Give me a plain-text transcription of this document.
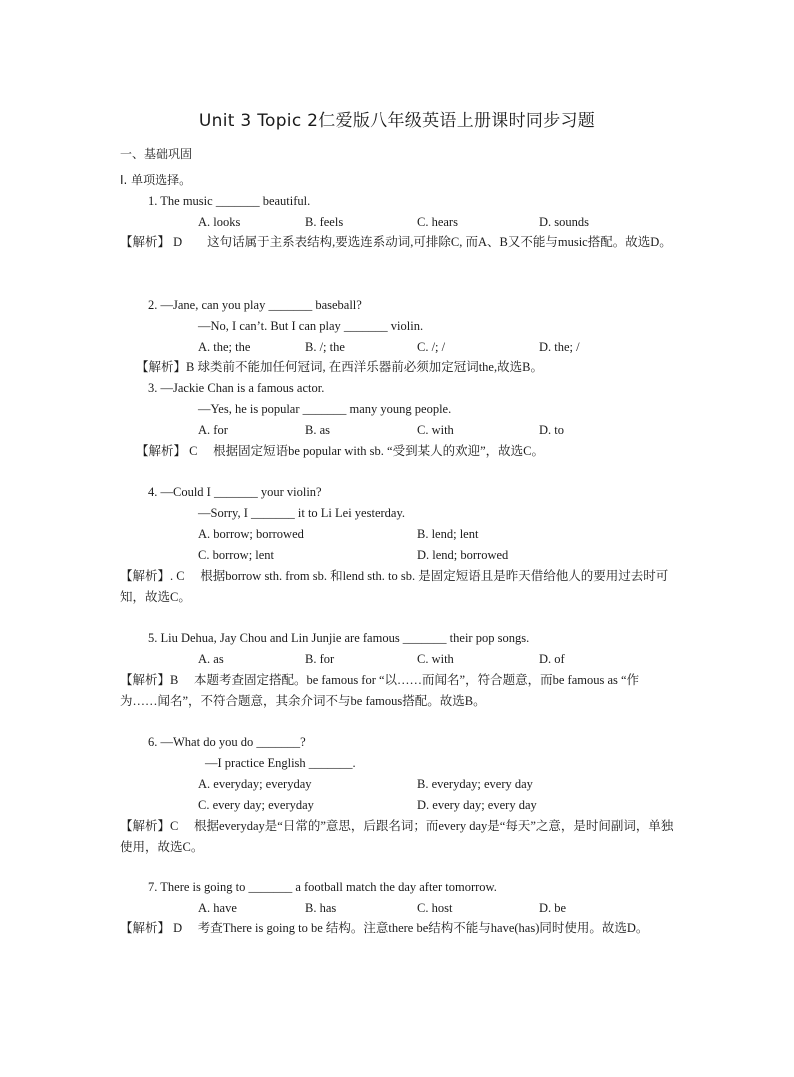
Unit 3 Topic 2仁爱版八年级英语上册课时同步习题
一、基础巩固
Ⅰ. 单项选择。
1. The music _______ beautiful.
A. looks	B. feels	C. hears	D. sounds
【解析】 D　　这句话属于主系表结构,要选连系动词,可排除C, 而A、B又不能与music搭配。故选D。
2. —Jane, can you play _______ baseball?
—No, I can’t. But I can play _______ violin.
A. the; the	B. /; the	C. /; /	D. the; /
【解析】B 球类前不能加任何冠词, 在西洋乐器前必须加定冠词the,故选B。
3. —Jackie Chan is a famous actor.
—Yes, he is popular _______ many young people.
A. for	B. as	C. with	D. to
【解析】 C　 根据固定短语be popular with sb. “受到某人的欢迎”，故选C。
4. —Could I _______ your violin?
—Sorry, I _______ it to Li Lei yesterday.
A. borrow; borrowed	B. lend; lent
C. borrow; lent	D. lend; borrowed
【解析】. C　 根据borrow sth. from sb. 和lend sth. to sb. 是固定短语且是昨天借给他人的要用过去时可知，故选C。
5. Liu Dehua, Jay Chou and Lin Junjie are famous _______ their pop songs.
A. as	B. for	C. with	D. of
【解析】B　 本题考查固定搭配。be famous for “以……而闻名”，符合题意，而be famous as “作为……闻名”，不符合题意，其余介词不与be famous搭配。故选B。
6. —What do you do _______?
—I practice English _______.
A. everyday; everyday	B. everyday; every day
C. every day; everyday	D. every day; every day
【解析】C　 根据everyday是“日常的”意思，后跟名词；而every day是“每天”之意，是时间副词，单独使用，故选C。
7. There is going to _______ a football match the day after tomorrow.
A. have	B. has	C. host	D. be
【解析】 D　 考查There is going to be 结构。注意there be结构不能与have(has)同时使用。故选D。
